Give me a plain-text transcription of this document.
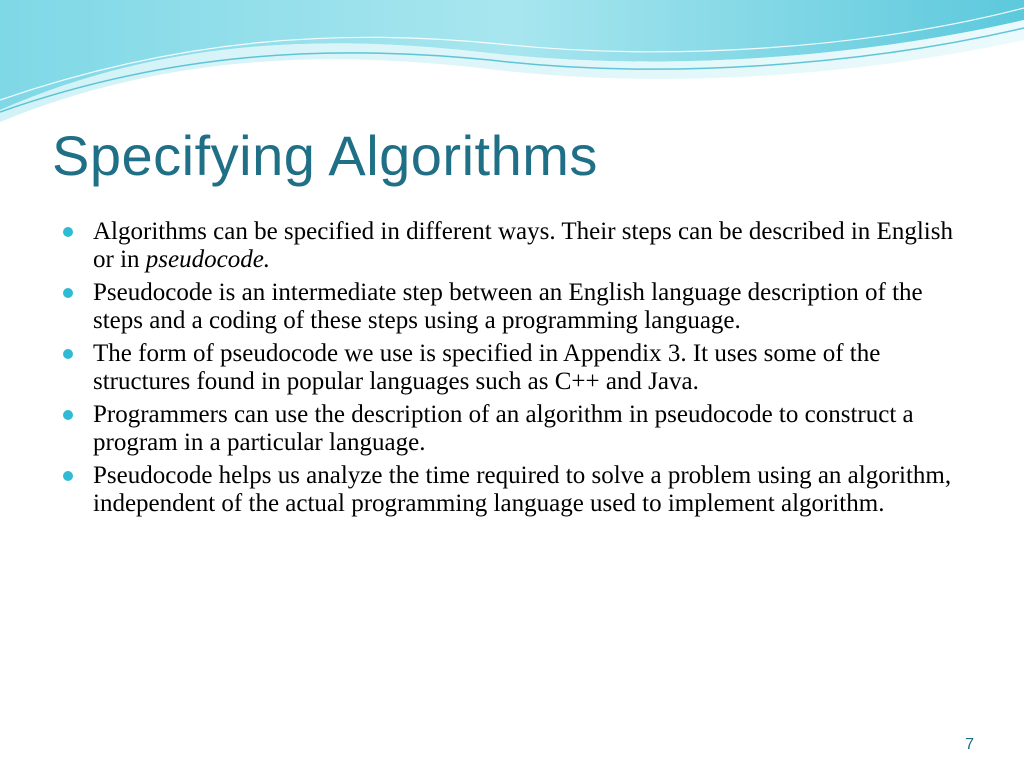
Specifying Algorithms
Algorithms can be specified in different ways. Their steps can be described in English or in pseudocode.
Pseudocode is an intermediate step between an English language description of the steps and a coding of these steps using a programming language.
The form of pseudocode we use is specified in Appendix 3. It uses some of the structures found in popular languages such as C++ and Java.
Programmers can use the description of an algorithm in pseudocode to construct a program in a particular language.
Pseudocode helps us analyze the time required to solve a problem using an algorithm, independent of the actual programming language used to implement algorithm.
7
